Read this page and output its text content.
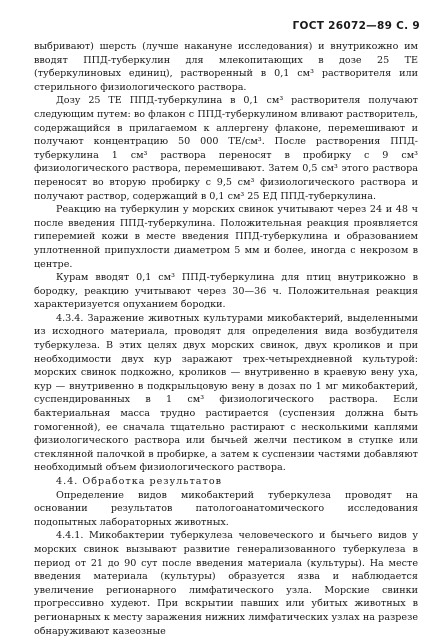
ГОСТ 26072—89 С. 9

выбривают) шерсть (лучше накануне исследования) и внутрикожно им вводят ППД-туберкулин для млекопитающих в дозе 25 ТЕ (туберкулиновых единиц), растворенный в 0,1 см³ растворителя или стерильного физиологического раствора.

Дозу 25 ТЕ ППД-туберкулина в 0,1 см³ растворителя получают следующим путем: во флакон с ППД-туберкулином вливают растворитель, содержащийся в прилагаемом к аллергену флаконе, перемешивают и получают концентрацию 50 000 ТЕ/см³. После растворения ППД-туберкулина 1 см³ раствора переносят в пробирку с 9 см³ физиологического раствора, перемешивают. Затем 0,5 см³ этого раствора переносят во вторую пробирку с 9,5 см³ физиологического раствора и получают раствор, содержащий в 0,1 см³ 25 ЕД ППД-туберкулина.

Реакцию на туберкулин у морских свинок учитывают через 24 и 48 ч после введения ППД-туберкулина. Положительная реакция проявляется гиперемией кожи в месте введения ППД-туберкулина и образованием уплотненной припухлости диаметром 5 мм и более, иногда с некрозом в центре.

Курам вводят 0,1 см³ ППД-туберкулина для птиц внутрикожно в бородку, реакцию учитывают через 30—36 ч. Положительная реакция характеризуется опуханием бородки.

4.3.4. Заражение животных культурами микобактерий, выделенными из исходного материала, проводят для определения вида возбудителя туберкулеза. В этих целях двух морских свинок, двух кроликов и при необходимости двух кур заражают трех-четырехдневной культурой: морских свинок подкожно, кроликов — внутривенно в краевую вену уха, кур — внутривенно в подкрыльцовую вену в дозах по 1 мг микобактерий, суспендированных в 1 см³ физиологического раствора. Если бактериальная масса трудно растирается (суспензия должна быть гомогенной), ее сначала тщательно растирают с несколькими каплями физиологического раствора или бычьей желчи пестиком в ступке или стеклянной палочкой в пробирке, а затем к суспензии частями добавляют необходимый объем физиологического раствора.

4.4. Обработка результатов

Определение видов микобактерий туберкулеза проводят на основании результатов патологоанатомического исследования подопытных лабораторных животных.

4.4.1. Микобактерии туберкулеза человеческого и бычьего видов у морских свинок вызывают развитие генерализованного туберкулеза в период от 21 до 90 сут после введения материала (культуры). На месте введения материала (культуры) образуется язва и наблюдается увеличение регионарного лимфатического узла. Морские свинки прогрессивно худеют. При вскрытии павших или убитых животных в регионарных к месту заражения нижних лимфатических узлах на разрезе обнаруживают казеозные
